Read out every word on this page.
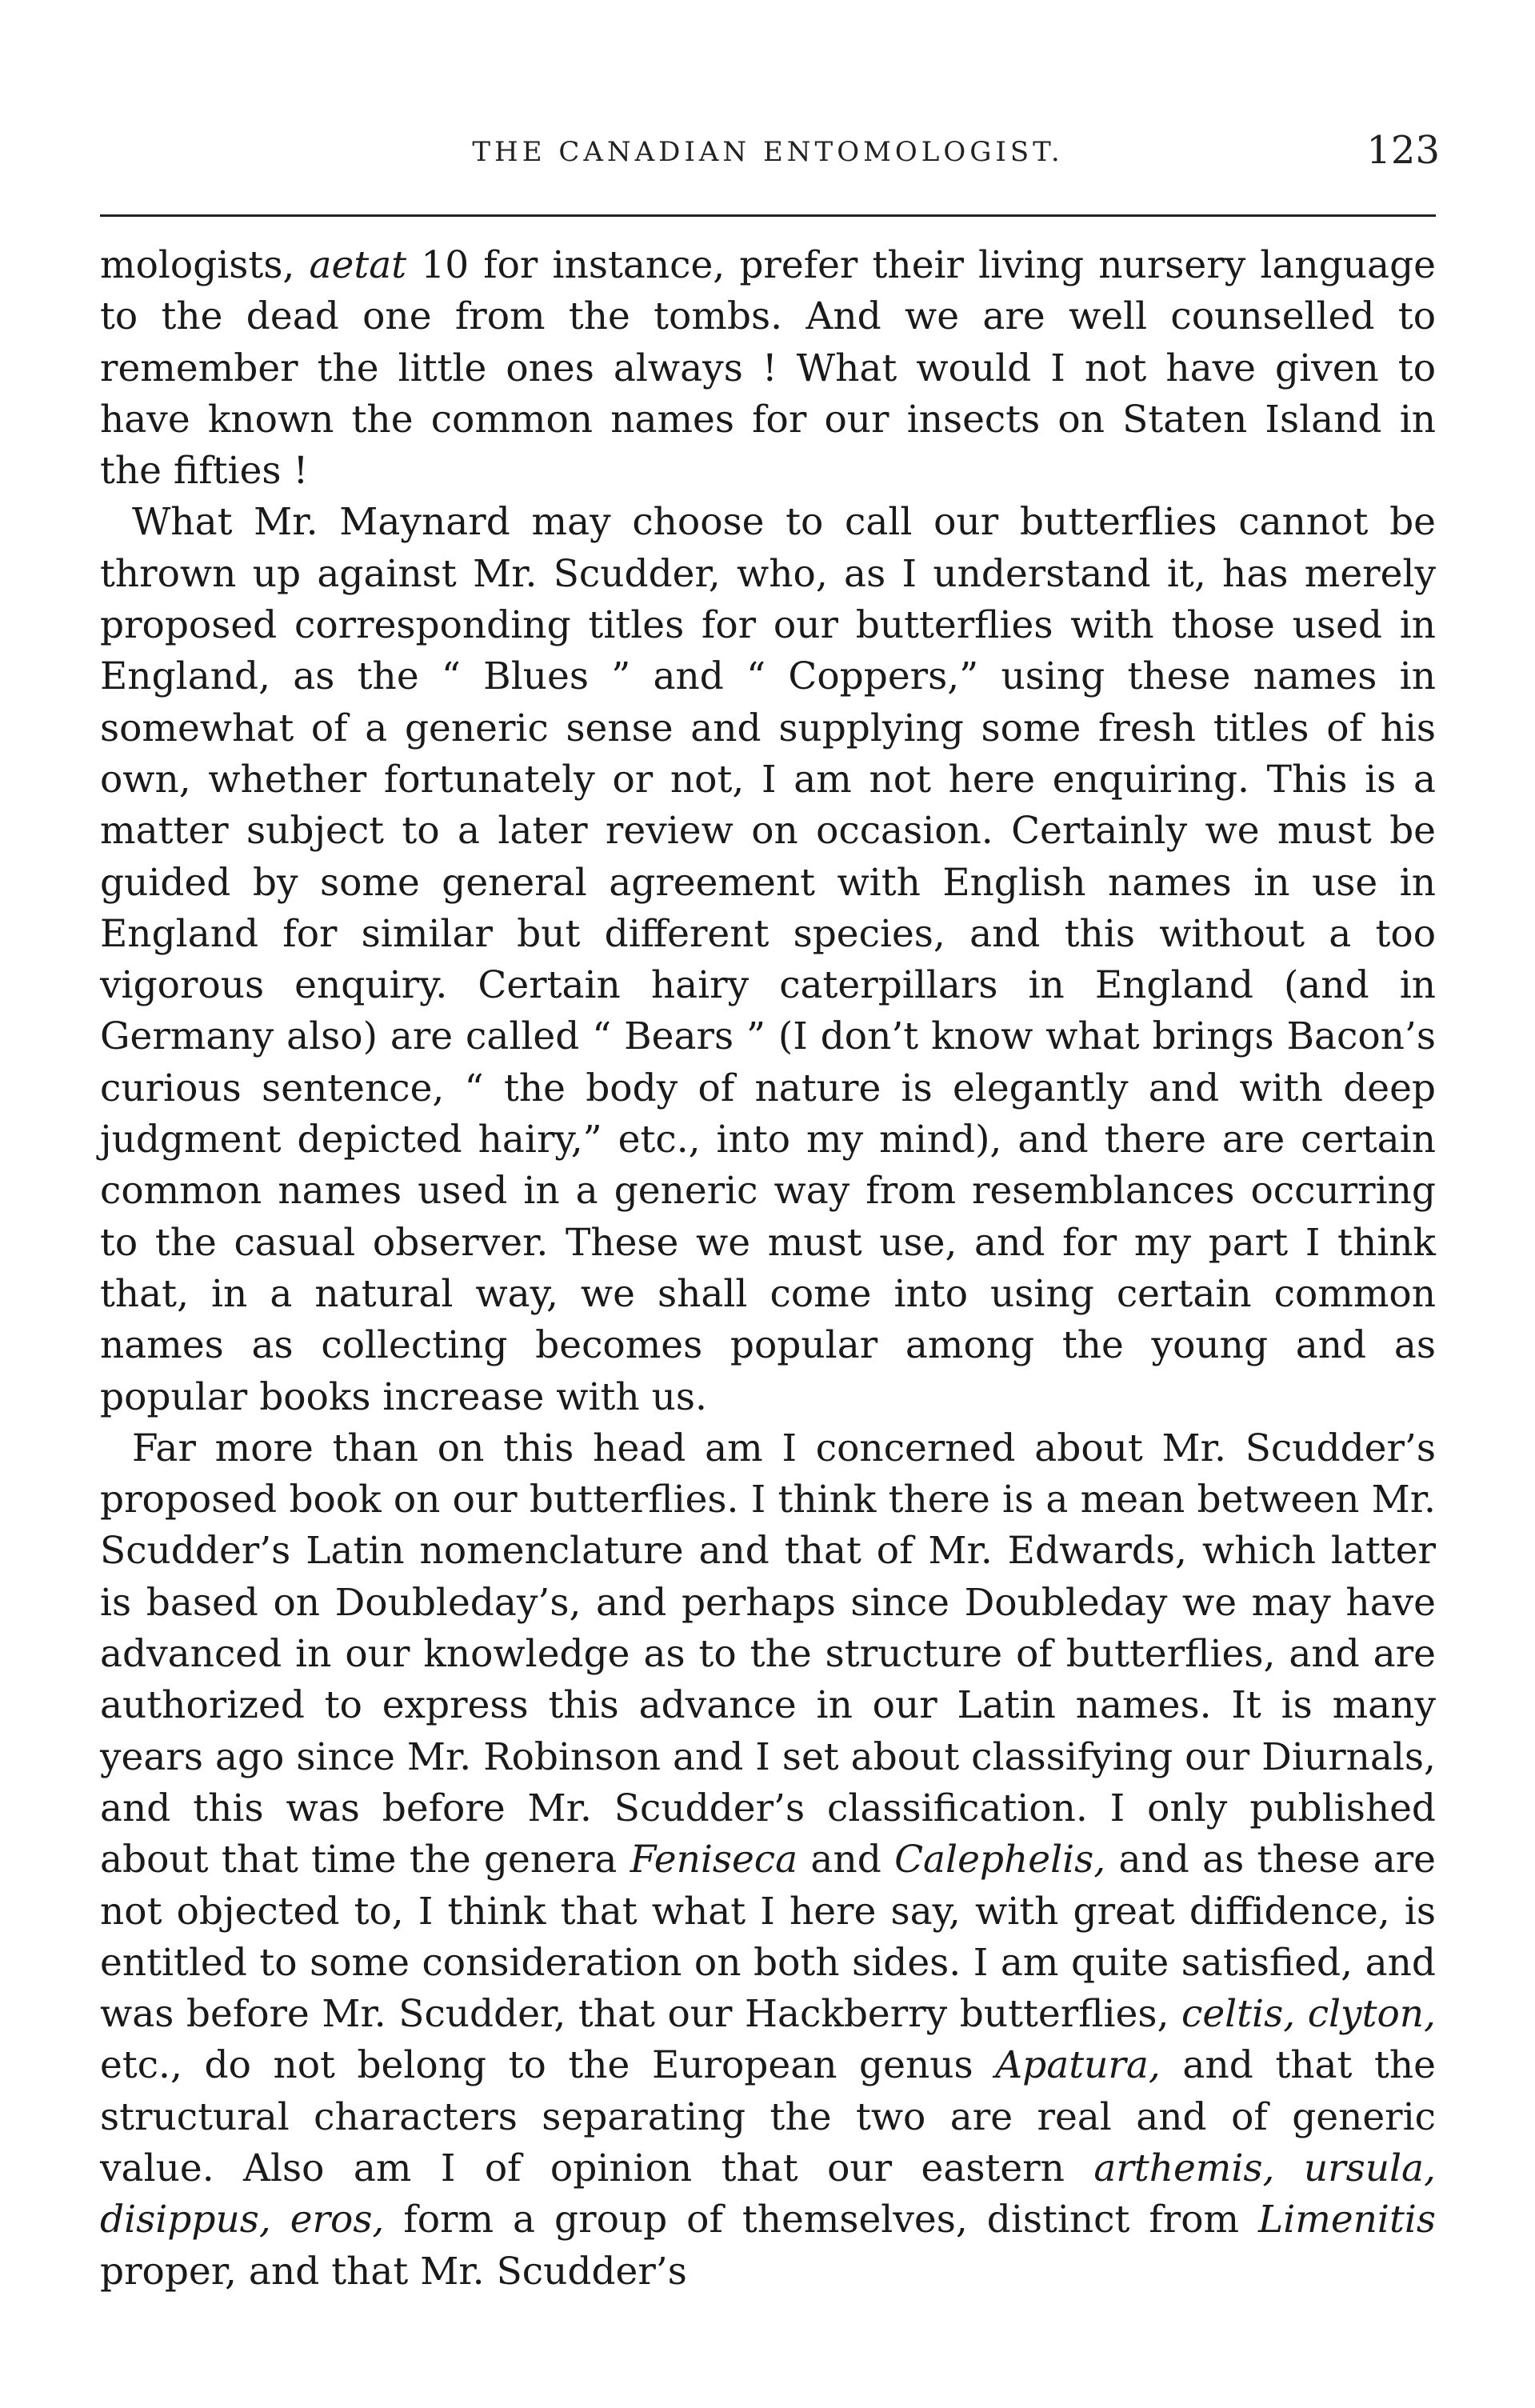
THE CANADIAN ENTOMOLOGIST.	123

mologists, aetat 10 for instance, prefer their living nursery language to the dead one from the tombs. And we are well counselled to remember the little ones always ! What would I not have given to have known the common names for our insects on Staten Island in the fifties !

What Mr. Maynard may choose to call our butterflies cannot be thrown up against Mr. Scudder, who, as I understand it, has merely proposed corresponding titles for our butterflies with those used in England, as the “ Blues ” and “ Coppers,” using these names in somewhat of a generic sense and supplying some fresh titles of his own, whether fortunately or not, I am not here enquiring. This is a matter subject to a later review on occasion. Certainly we must be guided by some general agreement with English names in use in England for similar but different species, and this without a too vigorous enquiry. Certain hairy caterpillars in England (and in Germany also) are called “ Bears ” (I don’t know what brings Bacon’s curious sentence, “ the body of nature is elegantly and with deep judgment depicted hairy,” etc., into my mind), and there are certain common names used in a generic way from resemblances occurring to the casual observer. These we must use, and for my part I think that, in a natural way, we shall come into using certain common names as collecting becomes popular among the young and as popular books increase with us.

Far more than on this head am I concerned about Mr. Scudder’s proposed book on our butterflies. I think there is a mean between Mr. Scudder’s Latin nomenclature and that of Mr. Edwards, which latter is based on Doubleday’s, and perhaps since Doubleday we may have advanced in our knowledge as to the structure of butterflies, and are authorized to express this advance in our Latin names. It is many years ago since Mr. Robinson and I set about classifying our Diurnals, and this was before Mr. Scudder’s classification. I only published about that time the genera Feniseca and Calephelis, and as these are not objected to, I think that what I here say, with great diffidence, is entitled to some consideration on both sides. I am quite satisfied, and was before Mr. Scudder, that our Hackberry butterflies, celtis, clyton, etc., do not belong to the European genus Apatura, and that the structural characters separating the two are real and of generic value. Also am I of opinion that our eastern arthemis, ursula, disippus, eros, form a group of themselves, distinct from Limenitis proper, and that Mr. Scudder’s
